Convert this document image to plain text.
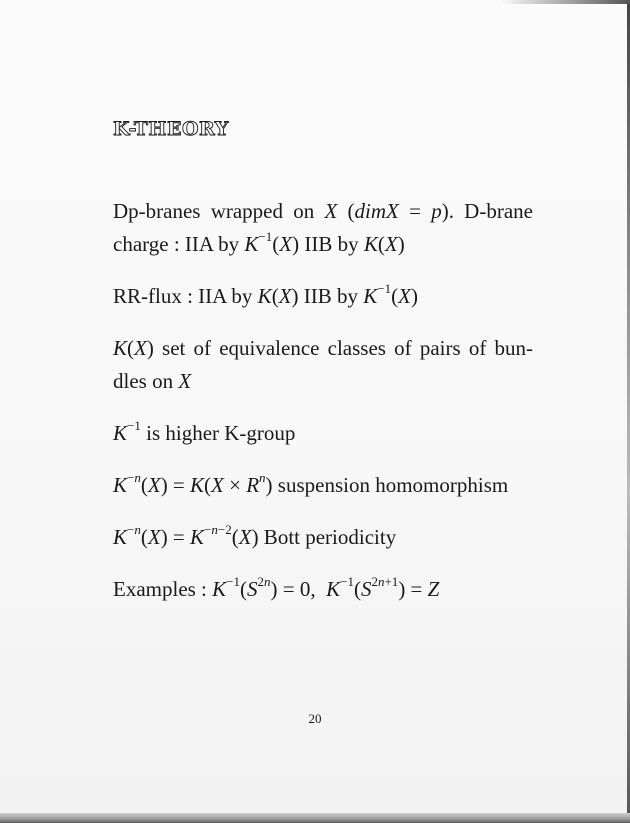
K-THEORY

Dp-branes wrapped on X (dimX = p). D-brane charge : IIA by $K^{-1}(X)$ IIB by K(X)

RR-flux : IIA by K(X) IIB by $K^{-1}(X)$

K(X) set of equivalence classes of pairs of bundles on X

$K^{-1}$ is higher K-group

$K^{-n}(X) = K(X \times R^n)$ suspension homomorphism

$K^{-n}(X) = K^{-n-2}(X)$ Bott periodicity

Examples : $K^{-1}(S^{2n}) = 0$,  $K^{-1}(S^{2n+1}) = Z$

20
